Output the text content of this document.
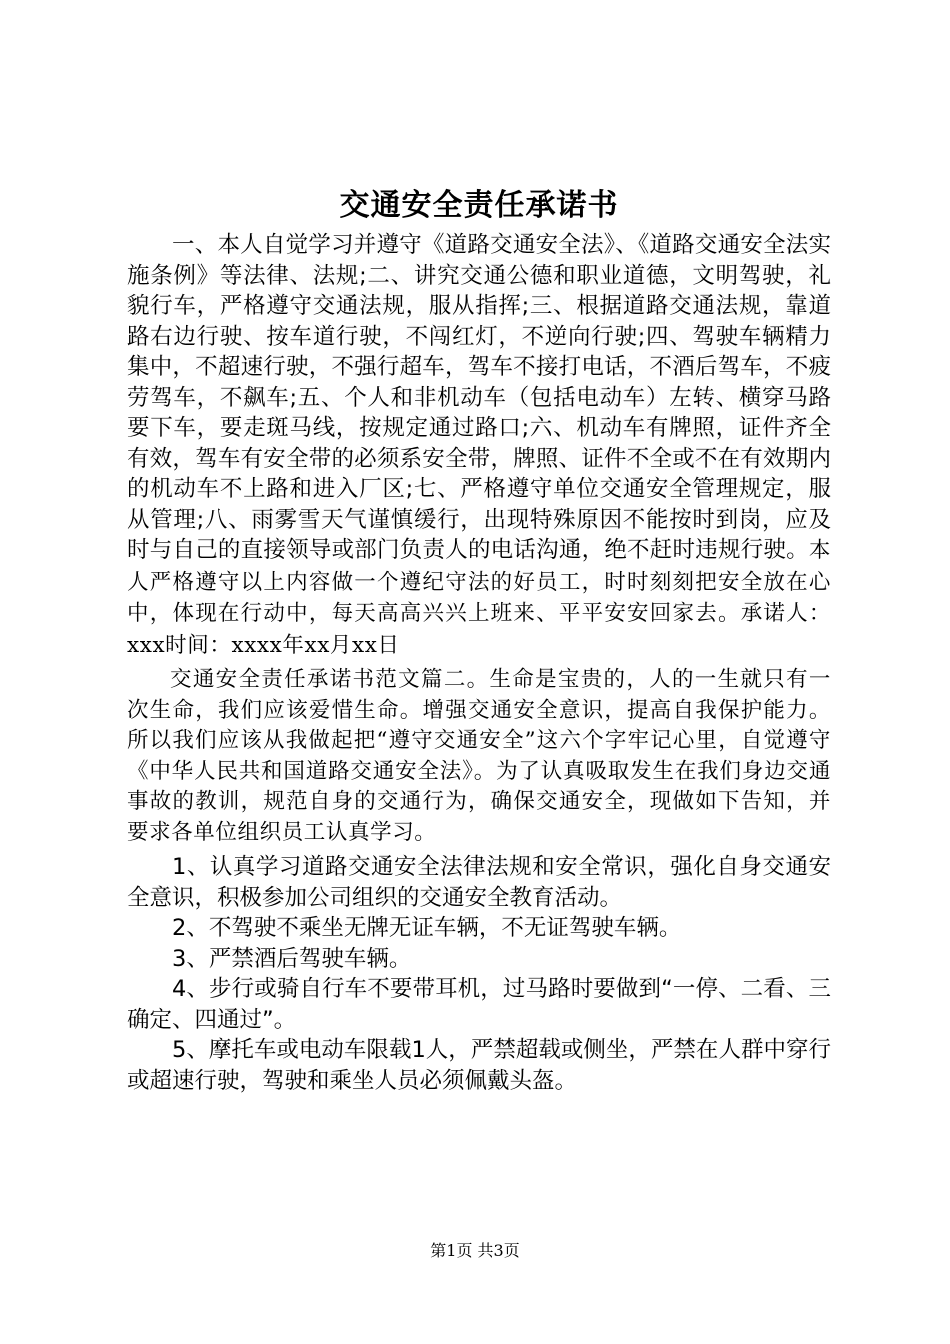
交通安全责任承诺书

一、本人自觉学习并遵守《道路交通安全法》、《道路交通安全法实施条例》等法律、法规;二、讲究交通公德和职业道德，文明驾驶，礼貌行车，严格遵守交通法规，服从指挥;三、根据道路交通法规，靠道路右边行驶、按车道行驶，不闯红灯，不逆向行驶;四、驾驶车辆精力集中，不超速行驶，不强行超车，驾车不接打电话，不酒后驾车，不疲劳驾车，不飙车;五、个人和非机动车（包括电动车）左转、横穿马路要下车，要走斑马线，按规定通过路口;六、机动车有牌照，证件齐全有效，驾车有安全带的必须系安全带，牌照、证件不全或不在有效期内的机动车不上路和进入厂区;七、严格遵守单位交通安全管理规定，服从管理;八、雨雾雪天气谨慎缓行，出现特殊原因不能按时到岗，应及时与自己的直接领导或部门负责人的电话沟通，绝不赶时违规行驶。本人严格遵守以上内容做一个遵纪守法的好员工，时时刻刻把安全放在心中，体现在行动中，每天高高兴兴上班来、平平安安回家去。承诺人：xxx时间：xxxx年xx月xx日

交通安全责任承诺书范文篇二。生命是宝贵的，人的一生就只有一次生命，我们应该爱惜生命。增强交通安全意识，提高自我保护能力。所以我们应该从我做起把“遵守交通安全”这六个字牢记心里，自觉遵守《中华人民共和国道路交通安全法》。为了认真吸取发生在我们身边交通事故的教训，规范自身的交通行为，确保交通安全，现做如下告知，并要求各单位组织员工认真学习。

1、认真学习道路交通安全法律法规和安全常识，强化自身交通安全意识，积极参加公司组织的交通安全教育活动。

2、不驾驶不乘坐无牌无证车辆，不无证驾驶车辆。

3、严禁酒后驾驶车辆。

4、步行或骑自行车不要带耳机，过马路时要做到“一停、二看、三确定、四通过”。

5、摩托车或电动车限载1人，严禁超载或侧坐，严禁在人群中穿行或超速行驶，驾驶和乘坐人员必须佩戴头盔。

第1页 共3页
